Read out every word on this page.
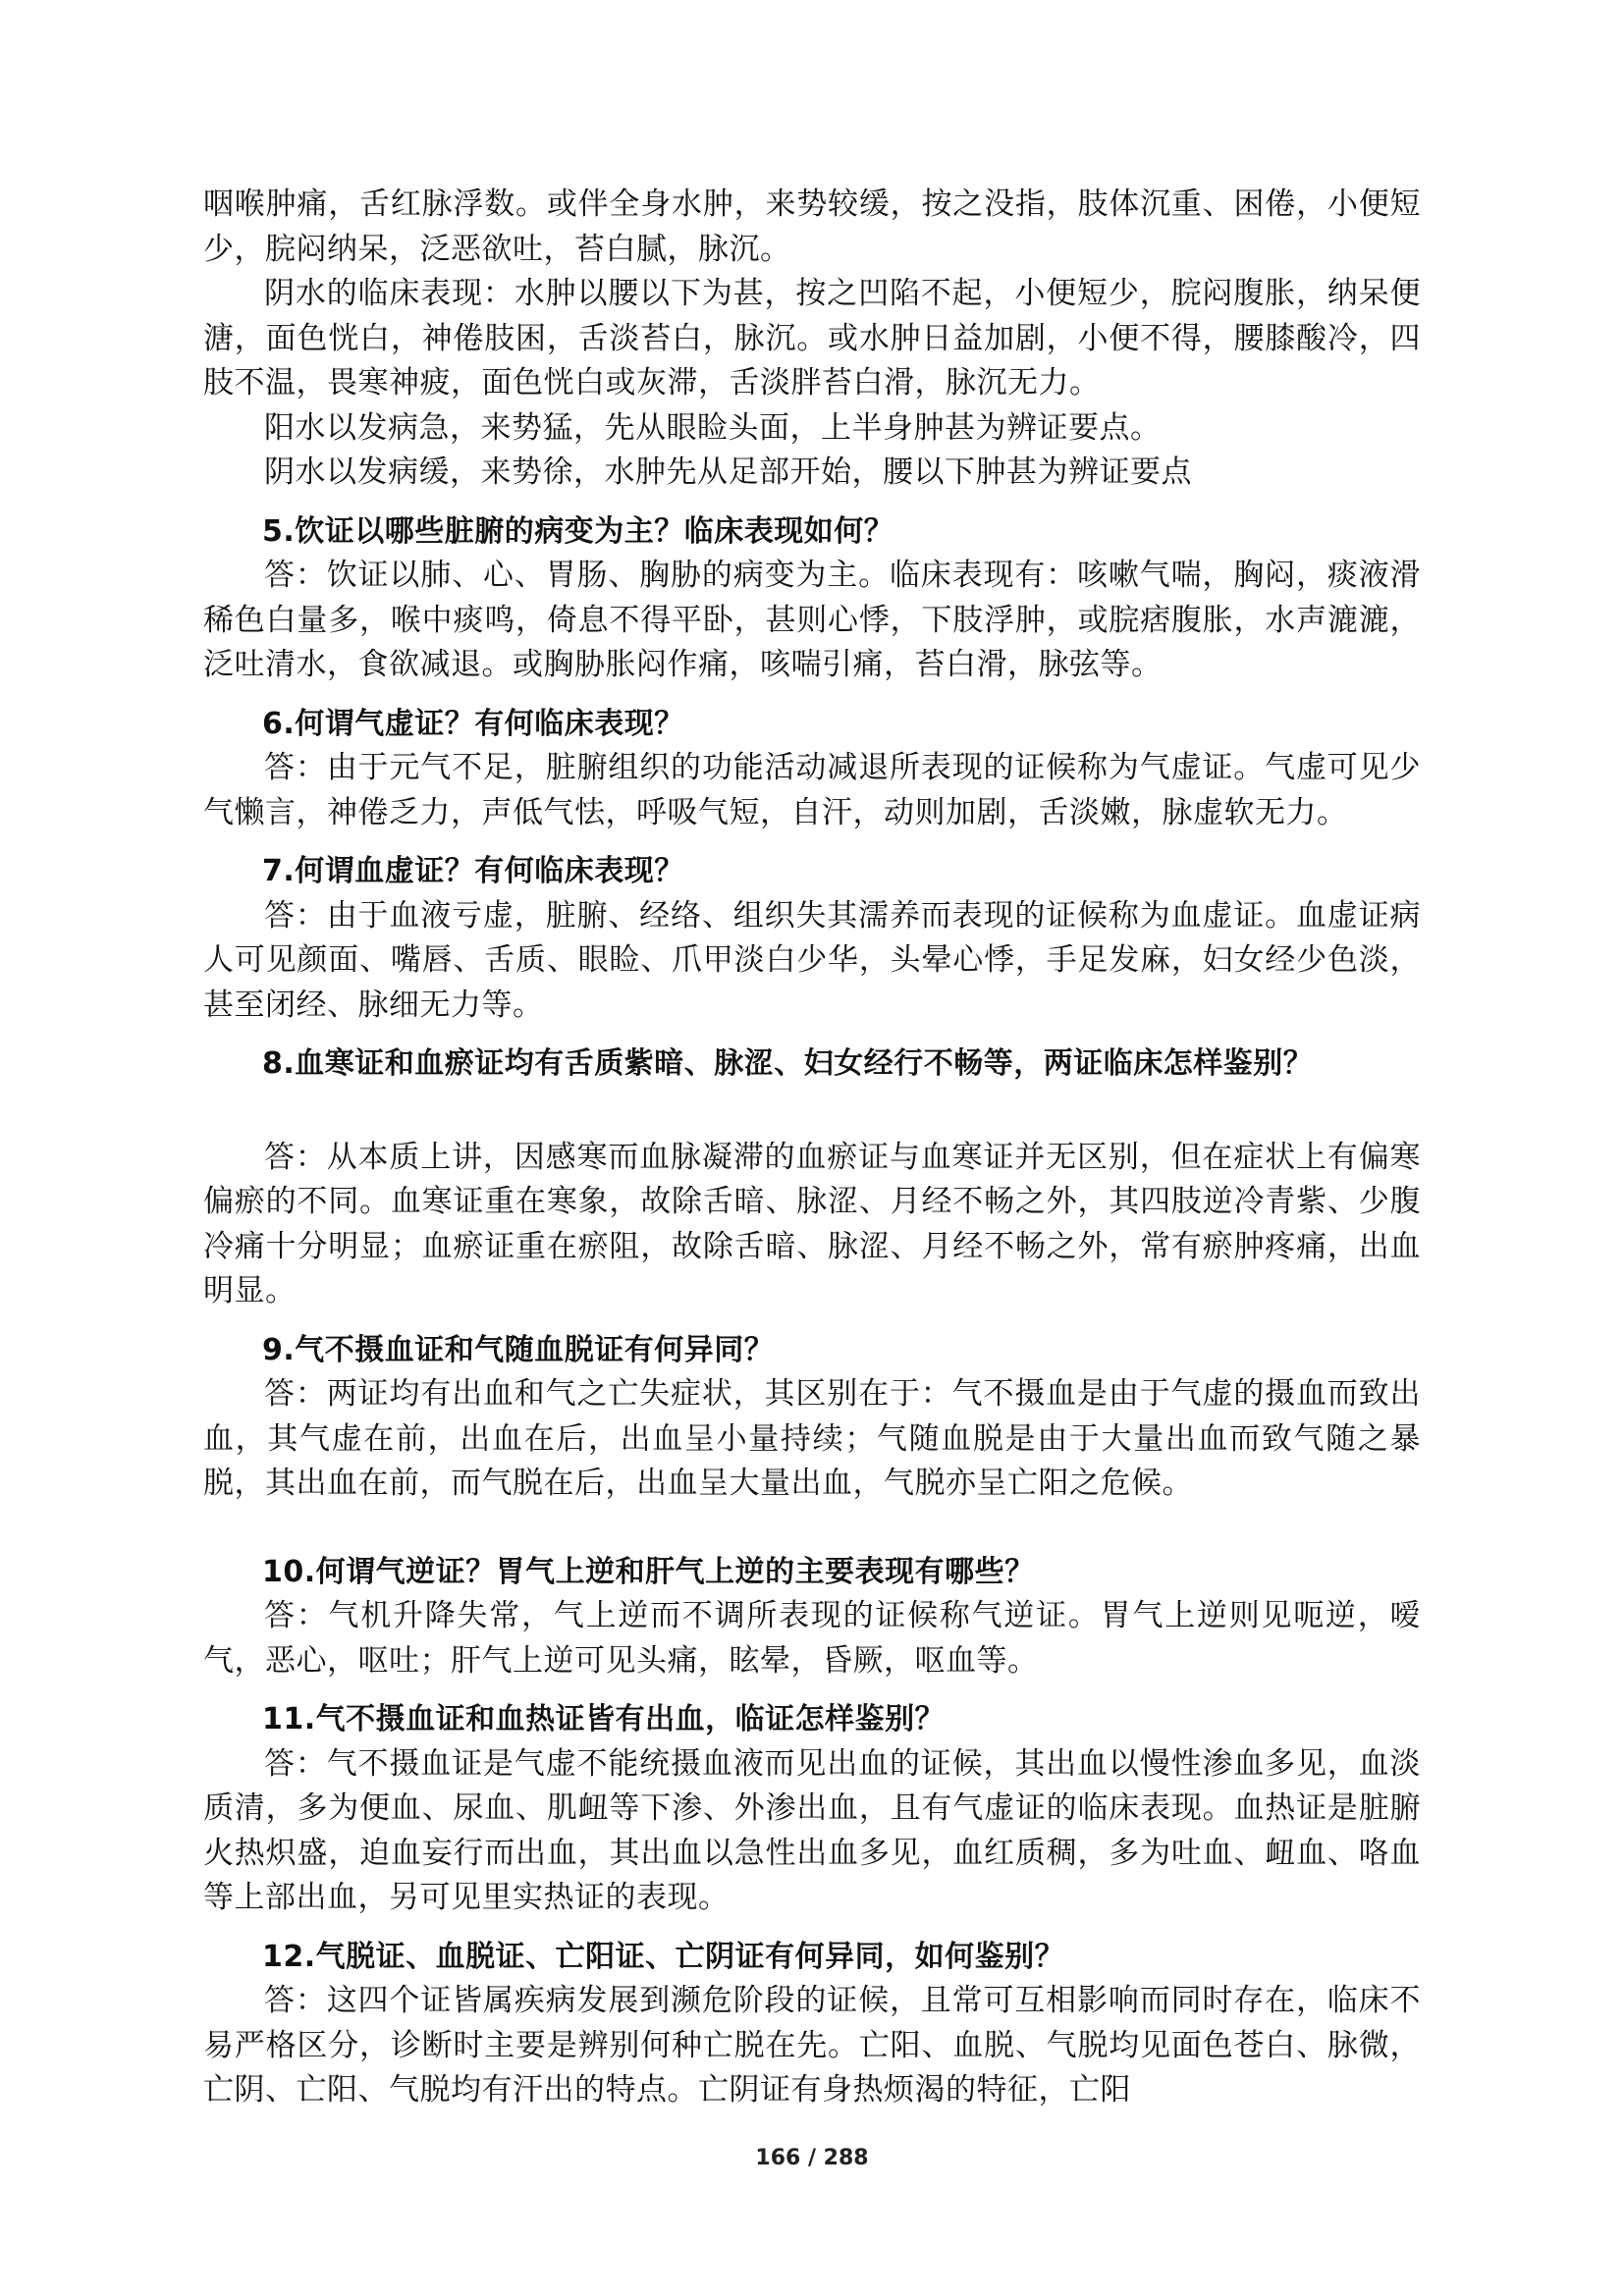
咽喉肿痛，舌红脉浮数。或伴全身水肿，来势较缓，按之没指，肢体沉重、困倦，小便短少，脘闷纳呆，泛恶欲吐，苔白腻，脉沉。

阴水的临床表现：水肿以腰以下为甚，按之凹陷不起，小便短少，脘闷腹胀，纳呆便溏，面色恍白，神倦肢困，舌淡苔白，脉沉。或水肿日益加剧，小便不得，腰膝酸冷，四肢不温，畏寒神疲，面色恍白或灰滞，舌淡胖苔白滑，脉沉无力。

阳水以发病急，来势猛，先从眼睑头面，上半身肿甚为辨证要点。

阴水以发病缓，来势徐，水肿先从足部开始，腰以下肿甚为辨证要点

5.饮证以哪些脏腑的病变为主？临床表现如何？

答：饮证以肺、心、胃肠、胸胁的病变为主。临床表现有：咳嗽气喘，胸闷，痰液滑稀色白量多，喉中痰鸣，倚息不得平卧，甚则心悸，下肢浮肿，或脘痞腹胀，水声漉漉，泛吐清水，食欲减退。或胸胁胀闷作痛，咳喘引痛，苔白滑，脉弦等。

6.何谓气虚证？有何临床表现？

答：由于元气不足，脏腑组织的功能活动减退所表现的证候称为气虚证。气虚可见少气懒言，神倦乏力，声低气怯，呼吸气短，自汗，动则加剧，舌淡嫩，脉虚软无力。

7.何谓血虚证？有何临床表现？

答：由于血液亏虚，脏腑、经络、组织失其濡养而表现的证候称为血虚证。血虚证病人可见颜面、嘴唇、舌质、眼睑、爪甲淡白少华，头晕心悸，手足发麻，妇女经少色淡，甚至闭经、脉细无力等。

8.血寒证和血瘀证均有舌质紫暗、脉涩、妇女经行不畅等，两证临床怎样鉴别？

答：从本质上讲，因感寒而血脉凝滞的血瘀证与血寒证并无区别，但在症状上有偏寒偏瘀的不同。血寒证重在寒象，故除舌暗、脉涩、月经不畅之外，其四肢逆冷青紫、少腹冷痛十分明显；血瘀证重在瘀阻，故除舌暗、脉涩、月经不畅之外，常有瘀肿疼痛，出血明显。

9.气不摄血证和气随血脱证有何异同？

答：两证均有出血和气之亡失症状，其区别在于：气不摄血是由于气虚的摄血而致出血，其气虚在前，出血在后，出血呈小量持续；气随血脱是由于大量出血而致气随之暴脱，其出血在前，而气脱在后，出血呈大量出血，气脱亦呈亡阳之危候。

10.何谓气逆证？胃气上逆和肝气上逆的主要表现有哪些？

答：气机升降失常，气上逆而不调所表现的证候称气逆证。胃气上逆则见呃逆，嗳气，恶心，呕吐；肝气上逆可见头痛，眩晕，昏厥，呕血等。

11.气不摄血证和血热证皆有出血，临证怎样鉴别？

答：气不摄血证是气虚不能统摄血液而见出血的证候，其出血以慢性渗血多见，血淡质清，多为便血、尿血、肌衄等下渗、外渗出血，且有气虚证的临床表现。血热证是脏腑火热炽盛，迫血妄行而出血，其出血以急性出血多见，血红质稠，多为吐血、衄血、咯血等上部出血，另可见里实热证的表现。

12.气脱证、血脱证、亡阳证、亡阴证有何异同，如何鉴别？

答：这四个证皆属疾病发展到濒危阶段的证候，且常可互相影响而同时存在，临床不易严格区分，诊断时主要是辨别何种亡脱在先。亡阳、血脱、气脱均见面色苍白、脉微，亡阴、亡阳、气脱均有汗出的特点。亡阴证有身热烦渴的特征，亡阳

166 / 288
